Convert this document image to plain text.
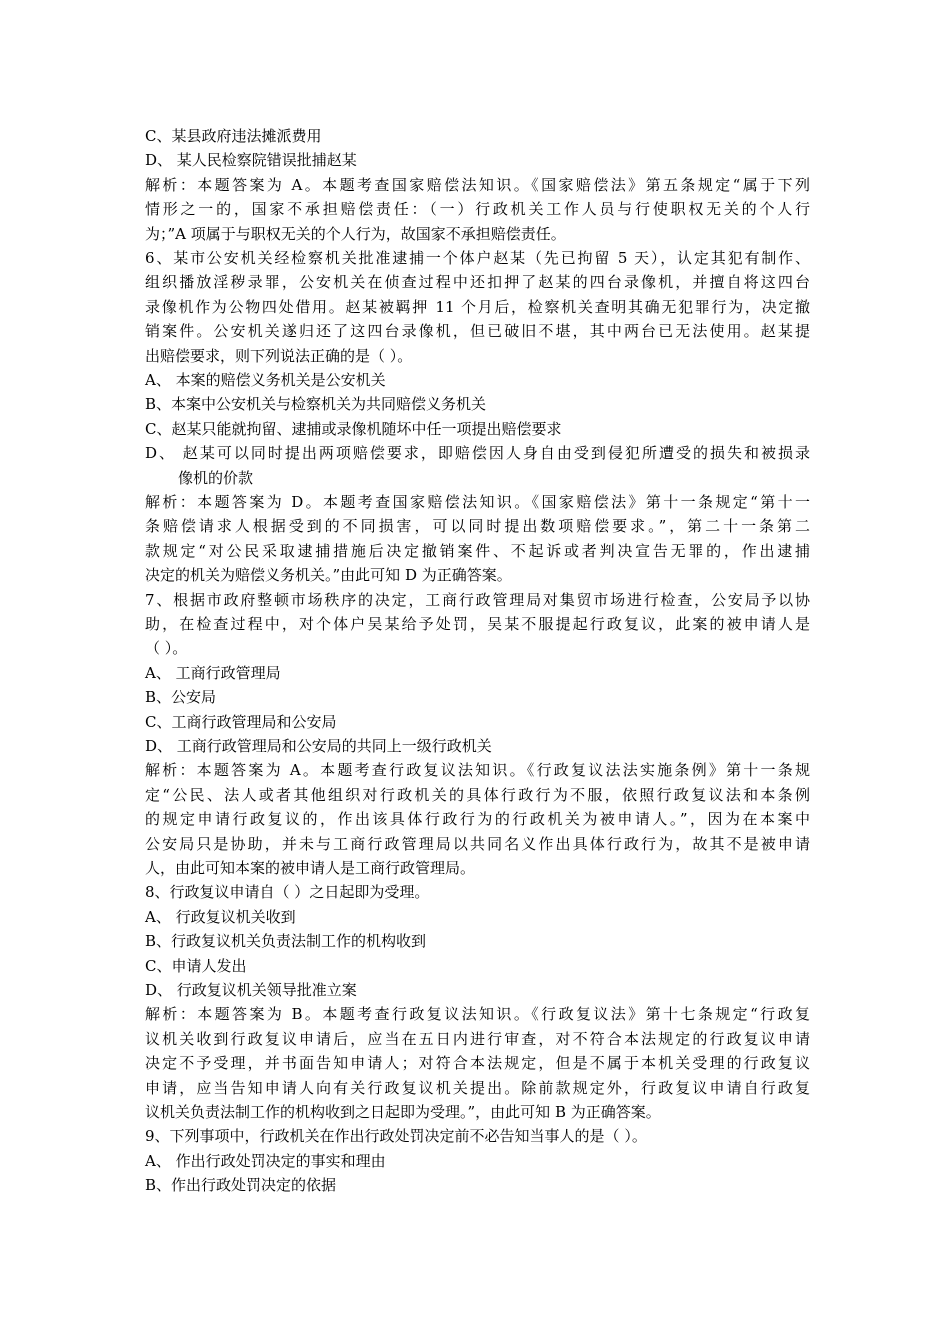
C、某县政府违法摊派费用
D、 某人民检察院错误批捕赵某
解析：本题答案为 A。本题考查国家赔偿法知识。《国家赔偿法》第五条规定“属于下列
情形之一的，国家不承担赔偿责任：（一）行政机关工作人员与行使职权无关的个人行
为；”A 项属于与职权无关的个人行为，故国家不承担赔偿责任。
6、某市公安机关经检察机关批准逮捕一个体户赵某（先已拘留 5 天），认定其犯有制作、
组织播放淫秽录罪，公安机关在侦查过程中还扣押了赵某的四台录像机，并擅自将这四台
录像机作为公物四处借用。赵某被羁押 11 个月后，检察机关查明其确无犯罪行为，决定撤
销案件。公安机关遂归还了这四台录像机，但已破旧不堪，其中两台已无法使用。赵某提
出赔偿要求，则下列说法正确的是（ ）。
A、 本案的赔偿义务机关是公安机关
B、本案中公安机关与检察机关为共同赔偿义务机关
C、赵某只能就拘留、逮捕或录像机随坏中任一项提出赔偿要求
D、 赵某可以同时提出两项赔偿要求，即赔偿因人身自由受到侵犯所遭受的损失和被损录
像机的价款
解析：本题答案为 D。本题考查国家赔偿法知识。《国家赔偿法》第十一条规定“第十一
条赔偿请求人根据受到的不同损害，可以同时提出数项赔偿要求。”，第二十一条第二
款规定“对公民采取逮捕措施后决定撤销案件、不起诉或者判决宣告无罪的，作出逮捕
决定的机关为赔偿义务机关。”由此可知 D 为正确答案。
7、根据市政府整顿市场秩序的决定，工商行政管理局对集贸市场进行检查，公安局予以协
助，在检查过程中，对个体户吴某给予处罚，吴某不服提起行政复议，此案的被申请人是
（ ）。
A、 工商行政管理局
B、公安局
C、工商行政管理局和公安局
D、 工商行政管理局和公安局的共同上一级行政机关
解析：本题答案为 A。本题考查行政复议法知识。《行政复议法法实施条例》第十一条规
定“公民、法人或者其他组织对行政机关的具体行政行为不服，依照行政复议法和本条例
的规定申请行政复议的，作出该具体行政行为的行政机关为被申请人。”，因为在本案中
公安局只是协助，并未与工商行政管理局以共同名义作出具体行政行为，故其不是被申请
人，由此可知本案的被申请人是工商行政管理局。
8、行政复议申请自（ ）之日起即为受理。
A、 行政复议机关收到
B、行政复议机关负责法制工作的机构收到
C、申请人发出
D、 行政复议机关领导批准立案
解析：本题答案为 B。本题考查行政复议法知识。《行政复议法》第十七条规定“行政复
议机关收到行政复议申请后，应当在五日内进行审查，对不符合本法规定的行政复议申请
决定不予受理，并书面告知申请人；对符合本法规定，但是不属于本机关受理的行政复议
申请，应当告知申请人向有关行政复议机关提出。除前款规定外，行政复议申请自行政复
议机关负责法制工作的机构收到之日起即为受理。”，由此可知 B 为正确答案。
9、下列事项中，行政机关在作出行政处罚决定前不必告知当事人的是（ ）。
A、 作出行政处罚决定的事实和理由
B、作出行政处罚决定的依据
